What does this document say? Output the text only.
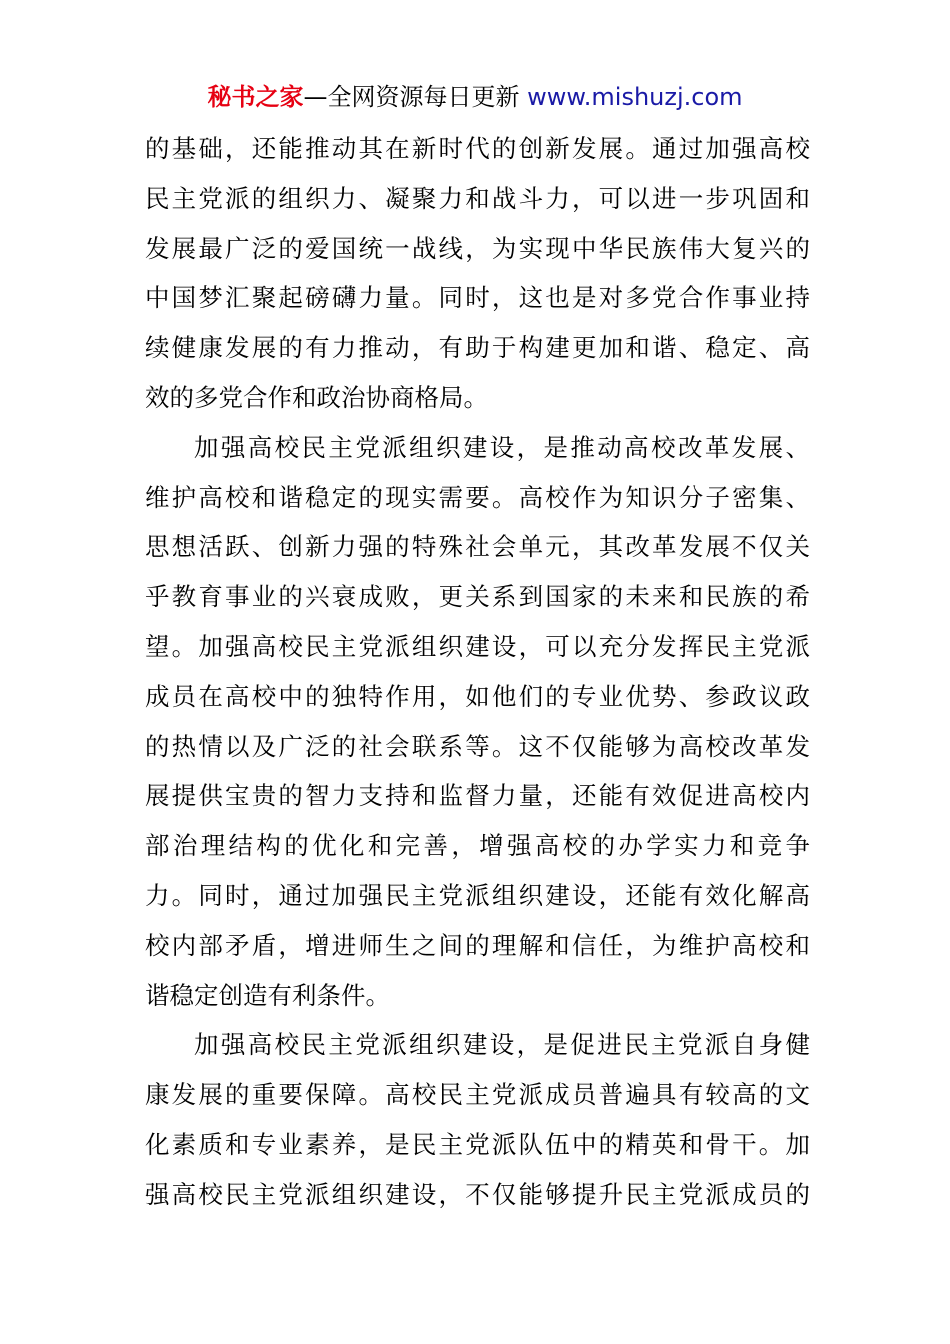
秘书之家—全网资源每日更新 www.mishuzj.com
的基础，还能推动其在新时代的创新发展。通过加强高校
民主党派的组织力、凝聚力和战斗力，可以进一步巩固和
发展最广泛的爱国统一战线，为实现中华民族伟大复兴的
中国梦汇聚起磅礴力量。同时，这也是对多党合作事业持
续健康发展的有力推动，有助于构建更加和谐、稳定、高
效的多党合作和政治协商格局。
加强高校民主党派组织建设，是推动高校改革发展、
维护高校和谐稳定的现实需要。高校作为知识分子密集、
思想活跃、创新力强的特殊社会单元，其改革发展不仅关
乎教育事业的兴衰成败，更关系到国家的未来和民族的希
望。加强高校民主党派组织建设，可以充分发挥民主党派
成员在高校中的独特作用，如他们的专业优势、参政议政
的热情以及广泛的社会联系等。这不仅能够为高校改革发
展提供宝贵的智力支持和监督力量，还能有效促进高校内
部治理结构的优化和完善，增强高校的办学实力和竞争
力。同时，通过加强民主党派组织建设，还能有效化解高
校内部矛盾，增进师生之间的理解和信任，为维护高校和
谐稳定创造有利条件。
加强高校民主党派组织建设，是促进民主党派自身健
康发展的重要保障。高校民主党派成员普遍具有较高的文
化素质和专业素养，是民主党派队伍中的精英和骨干。加
强高校民主党派组织建设，不仅能够提升民主党派成员的
